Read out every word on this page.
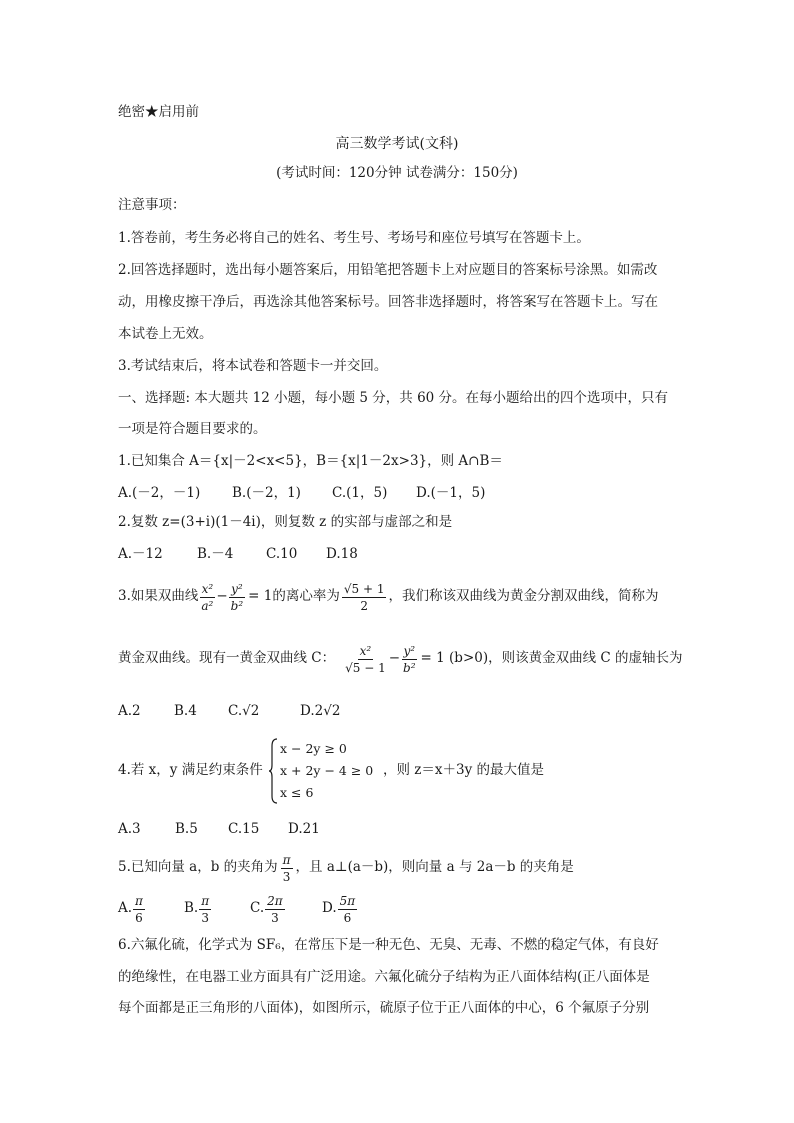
绝密★启用前
高三数学考试(文科)
(考试时间：120分钟 试卷满分：150分)
注意事项：
1.答卷前，考生务必将自己的姓名、考生号、考场号和座位号填写在答题卡上。
2.回答选择题时，选出每小题答案后，用铅笔把答题卡上对应题目的答案标号涂黑。如需改
动，用橡皮擦干净后，再选涂其他答案标号。回答非选择题时，将答案写在答题卡上。写在
本试卷上无效。
3.考试结束后，将本试卷和答题卡一并交回。
一、选择题: 本大题共 12 小题，每小题 5 分，共 60 分。在每小题给出的四个选项中，只有
一项是符合题目要求的。
1.已知集合 A＝{x|－2<x<5}，B＝{x|1－2x>3}，则 A∩B＝
A.(－2，－1) B.(－2，1) C.(1，5) D.(－1，5)
2.复数 z=(3+i)(1－4i)，则复数 z 的实部与虚部之和是
A.－12	B.－4 C.10 D.18
3.如果双曲线 $\frac{\text{x²}}{\text{a²}} - \frac{\text{y²}}{\text{b²}} = 1$ 的离心率为 $\frac{√5 + 1}{2}$ ，我们称该双曲线为黄金分割双曲线，简称为
黄金双曲线。现有一黄金双曲线 C： $\frac{\text{x²}}{√5 - 1} - \frac{\text{y²}}{\text{b²}} = 1$ (b>0) ，则该黄金双曲线 C 的虚轴长为
A.2 B.4 C.√2	D.2√2
4.若 x，y 满足约束条件
x − 2y ≥ 0
x + 2y − 4 ≥ 0
x ≤ 6
，则 z＝x＋3y 的最大值是
A.3	B.5 C.15 D.21
5.已知向量 a，b 的夹角为 $\frac{\pi}{3}$ ，且 a⊥(a－b)，则向量 a 与 2a－b 的夹角是
A. $\frac{\pi}{6}$	B. $\frac{\pi}{3}$	C. $\frac{2\pi}{3}$	D. $\frac{5\pi}{6}$
6.六氟化硫，化学式为 SF₆，在常压下是一种无色、无臭、无毒、不燃的稳定气体，有良好
的绝缘性，在电器工业方面具有广泛用途。六氟化硫分子结构为正八面体结构(正八面体是
每个面都是正三角形的八面体)，如图所示，硫原子位于正八面体的中心，6 个氟原子分别
